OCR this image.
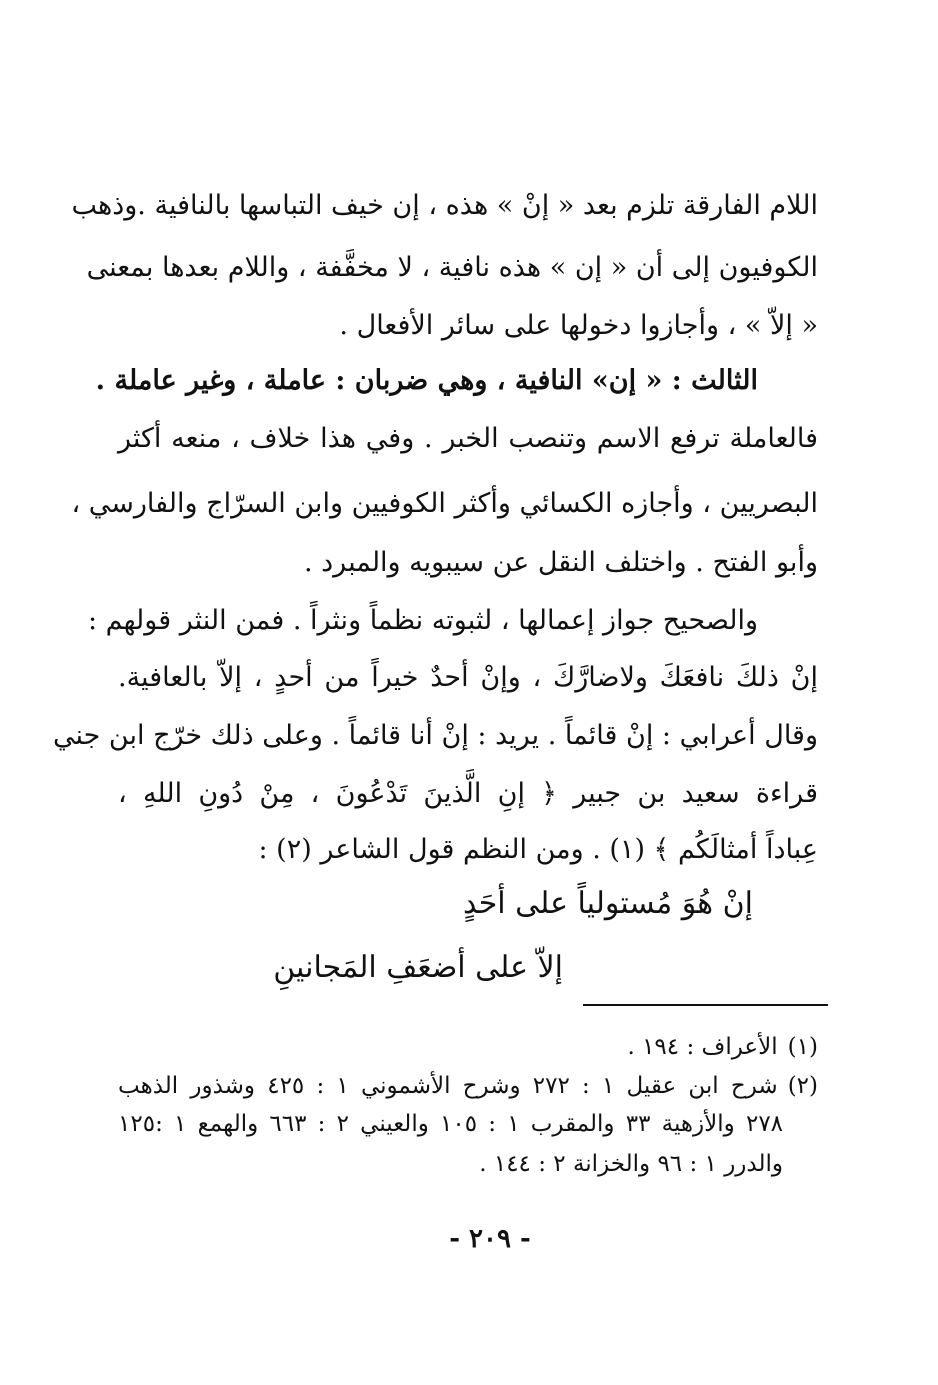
اللام الفارقة تلزم بعد « إنْ » هذه ، إن خيف التباسها بالنافية .وذهب
الكوفيون إلى أن « إن » هذه نافية ، لا مخفَّفة ، واللام بعدها بمعنى
« إلاّ » ، وأجازوا دخولها على سائر الأفعال .
الثالث : « إن» النافية ، وهي ضربان : عاملة ، وغير عاملة .
فالعاملة ترفع الاسم وتنصب الخبر . وفي هذا خلاف ، منعه أكثر
البصريين ، وأجازه الكسائي وأكثر الكوفيين وابن السرّاج والفارسي ،
وأبو الفتح . واختلف النقل عن سيبويه والمبرد .
والصحيح جواز إعمالها ، لثبوته نظماً ونثراً . فمن النثر قولهم :
إنْ ذلكَ نافعَكَ ولاضارَّكَ ، وإنْ أحدٌ خيراً من أحدٍ ، إلاّ بالعافية.
وقال أعرابي : إنْ قائماً . يريد : إنْ أنا قائماً . وعلى ذلك خرّج ابن جني
قراءة سعيد بن جبير ﴿ إنِ الَّذينَ تَدْعُونَ ، مِنْ دُونِ اللهِ ،
عِباداً أمثالَكُم ﴾ (١) . ومن النظم قول الشاعر (٢) :
إنْ هُوَ مُستولياً على أحَدٍ
إلاّ على أضعَفِ المَجانينِ
(١)الأعراف : ١٩٤ .
(٢)شرح ابن عقيل ١ : ٢٧٢ وشرح الأشموني ١ : ٤٢٥ وشذور الذهب
٢٧٨ والأزهية ٣٣ والمقرب ١ : ١٠٥ والعيني ٢ : ٦٦٣ والهمع ١ :١٢٥
والدرر ١ : ٩٦ والخزانة ٢ : ١٤٤ .
- ٢٠٩ -
